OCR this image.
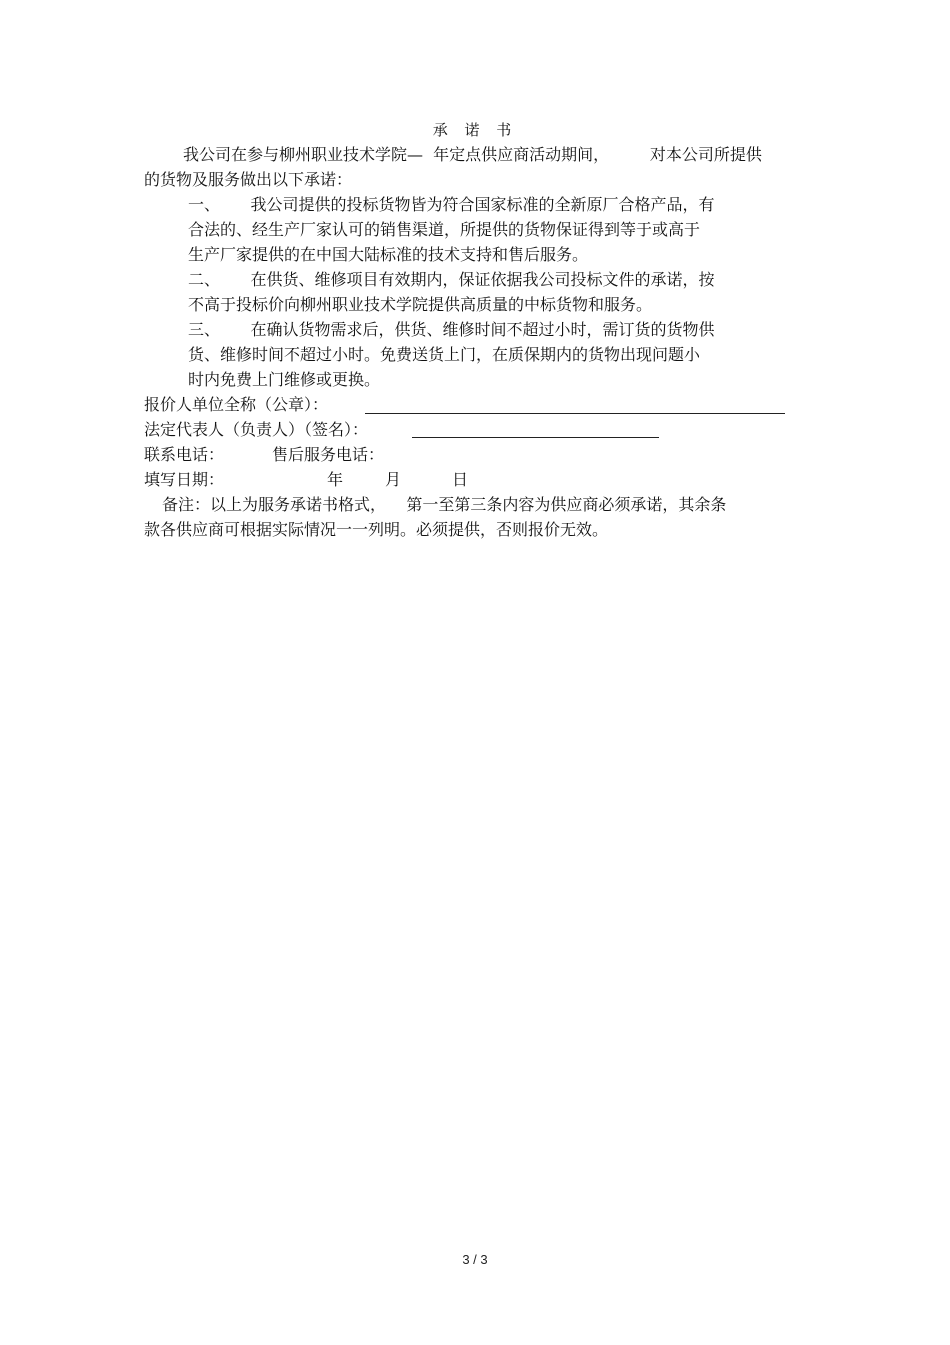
承 诺 书
我公司在参与柳州职业技术学院—  年定点供应商活动期间，        对本公司所提供
的货物及服务做出以下承诺：
一、      我公司提供的投标货物皆为符合国家标准的全新原厂合格产品，有
合法的、经生产厂家认可的销售渠道，所提供的货物保证得到等于或高于
生产厂家提供的在中国大陆标准的技术支持和售后服务。
二、      在供货、维修项目有效期内，保证依据我公司投标文件的承诺，按
不高于投标价向柳州职业技术学院提供高质量的中标货物和服务。
三、      在确认货物需求后，供货、维修时间不超过小时，需订货的货物供
货、维修时间不超过小时。免费送货上门，在质保期内的货物出现问题小
时内免费上门维修或更换。
报价人单位全称（公章）：
法定代表人（负责人）（签名）：
联系电话：	售后服务电话：
填写日期：	年	月	日
备注：以上为服务承诺书格式，    第一至第三条内容为供应商必须承诺，其余条
款各供应商可根据实际情况一一列明。必须提供，否则报价无效。
3 / 3
